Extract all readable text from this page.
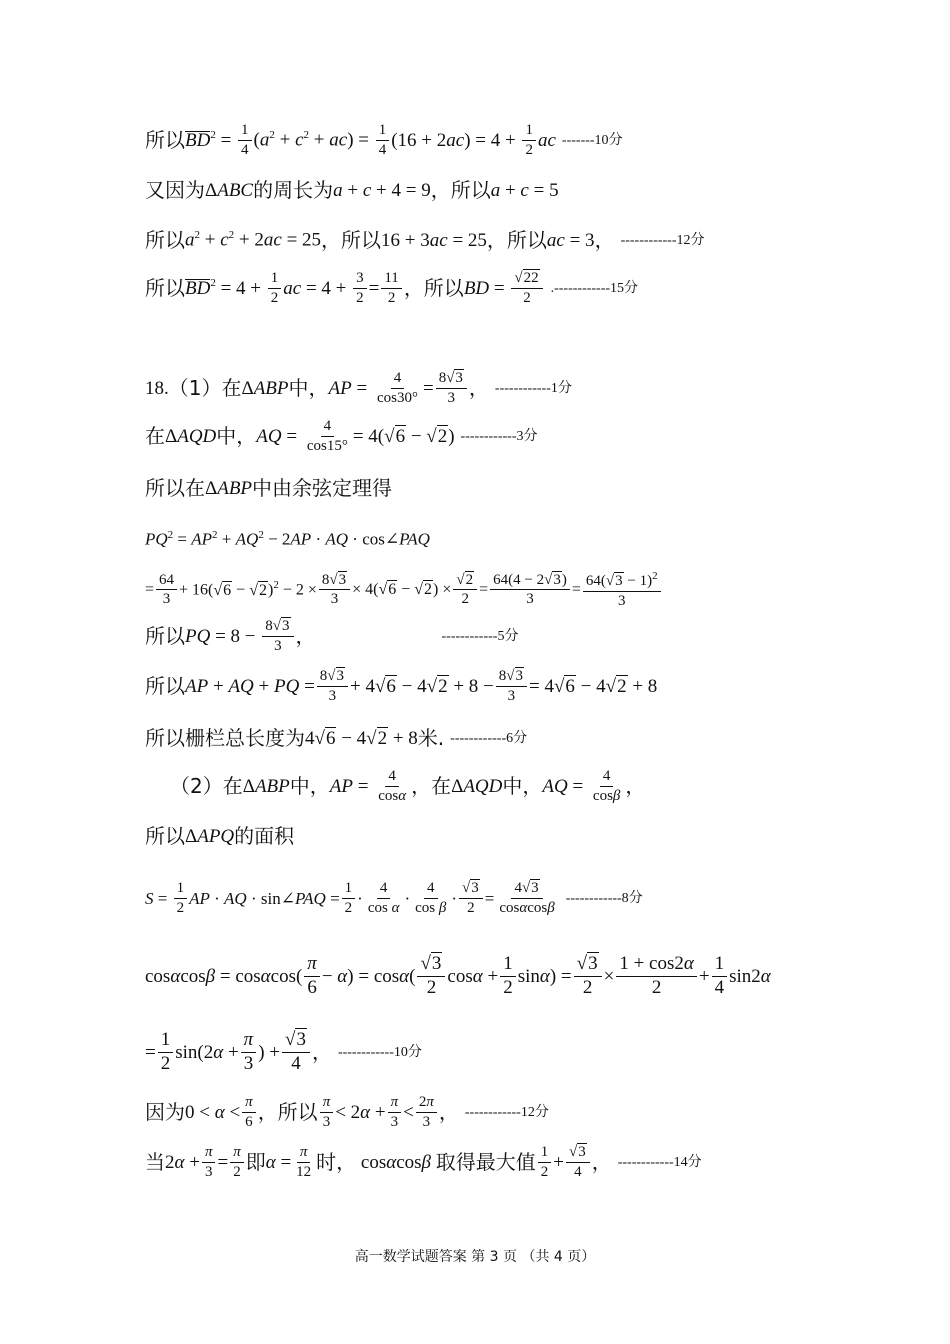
所以 $BD^2 = \frac{1}{4} (a^2 + c^2 + ac) = \frac{1}{4} (16 + 2ac) = 4 + \frac{1}{2}$ ac -------10分
又因为 ΔABC 的周长为 a + c + 4 = 9 ，所以 a + c = 5
所以 $a^2 + c^2 + 2ac = 25$ ，所以 16 + 3ac = 25 ，所以 ac = 3 ， ------------12分
所以 $BD^2 = 4 + \frac{1}{2}$ ac = $4 + \frac{3}{2} = \frac{11}{2}$ ，所以 BD = $\frac{√22}{2} .------------15$分
18. （1）在 ΔABP 中， AP = $\frac{4}{\cos 30^\circ} = \frac{8√3}{3}$ ， ------------1分
在 ΔAQD 中， AQ = $\frac{4}{\cos 15^\circ} = 4(√6 - √2)$ ------------3分
所以在 ΔABP 中由余弦定理得
$PQ^2 = AP^2 + AQ^2 - 2AP$ · AQ · cos∠PAQ
= $\frac{64}{3} + 16(√6 - √2)^2 - 2 \times \frac{8√3}{3} \times 4(√6 - √2) \times \frac{√2}{2} = \frac{64(4 - 2√3)}{3} = \frac{64(√3 - 1)^2}{3}$
所以 PQ = $8 - \frac{8√3}{3}$ ，	------------5分
所以 AP + AQ + PQ = $\frac{8√3}{3} + 4√6 - 4√2 + 8 - \frac{8√3}{3} = 4√6 - 4√2 + 8$
所以栅栏总长度为 4√6 − 4√2 + 8 米. ------------6分
（2）在 ΔABP 中， AP = $\frac{4}{\cos\alpha}$ ，在 ΔAQD 中， AQ = $\frac{4}{\cos\beta}$ ，
所以 ΔAPQ 的面积
$S = \frac{1}{2}$ AP · AQ · sin∠PAQ = $\frac{1}{2} \cdot \frac{4}{\text{cos α}} \cdot \frac{4}{\text{cos β}} \cdot \frac{√3}{2} = \frac{4√3}{\cos\alpha\cos\beta} ------------8$分
$\cos\alpha\cos\beta = \cos\alpha\cos( \frac{\pi}{6} - \alpha) = \cos\alpha( \frac{√3}{2}$ $\cos\alpha + \frac{1}{2} \sin\alpha) = \frac{√3}{2} \times \frac{1 + \cos 2\alpha}{2} + \frac{1}{4} \sin 2\alpha$
= $\frac{1}{2} \sin(2\alpha + \frac{\pi}{3}$ ) + $\frac{√3}{4}$ ， ------------10分
因为 $0 < \alpha < \frac{\pi}{6}$ ，所以 $\frac{\pi}{3} < 2\alpha + \frac{\pi}{3} < \frac{2\pi}{3}$ ， ------------12分
当 $2\alpha + \frac{\pi}{3} = \frac{\pi}{2}$ 即 $\alpha = \frac{\pi}{12}$ 时， cosαcosβ 取得最大值 $\frac{1}{2} + \frac{√3}{4}$ ， ------------14分
高一数学试题答案 第 3 页 （共 4 页）
